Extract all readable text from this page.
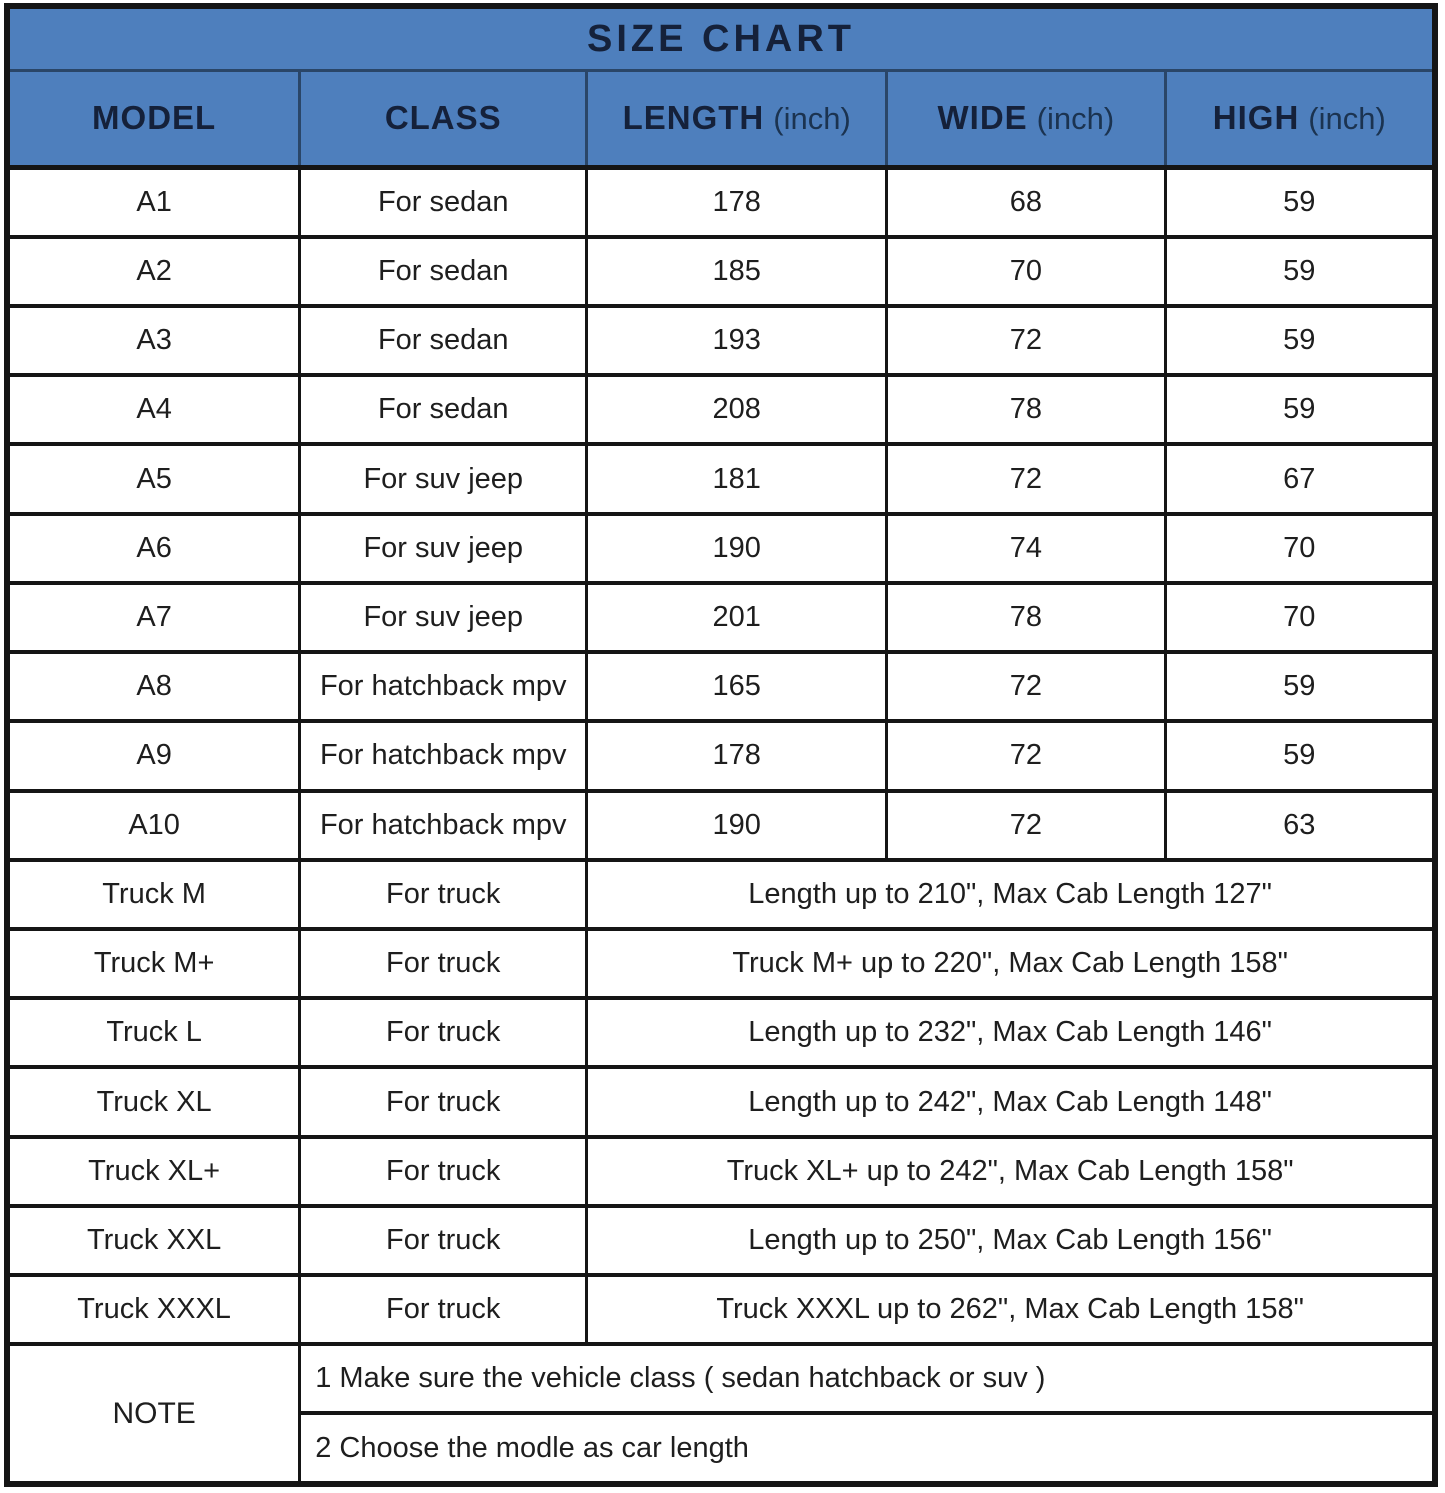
SIZE CHART				
MODEL	CLASS	LENGTH (inch)	WIDE (inch)	HIGH (inch)
A1	For sedan	178	68	59
A2	For sedan	185	70	59
A3	For sedan	193	72	59
A4	For sedan	208	78	59
A5	For suv jeep	181	72	67
A6	For suv jeep	190	74	70
A7	For suv jeep	201	78	70
A8	For hatchback mpv	165	72	59
A9	For hatchback mpv	178	72	59
A10	For hatchback mpv	190	72	63
Truck M	For truck	Length up to 210", Max Cab Length 127"		
Truck M+	For truck	Truck M+ up to 220", Max Cab Length 158"		
Truck L	For truck	Length up to 232", Max Cab Length 146"		
Truck XL	For truck	Length up to 242", Max Cab Length 148"		
Truck XL+	For truck	Truck XL+ up to 242", Max Cab Length 158"		
Truck XXL	For truck	Length up to 250", Max Cab Length 156"		
Truck XXXL	For truck	Truck XXXL up to 262", Max Cab Length 158"		
NOTE	1 Make sure the vehicle class ( sedan hatchback or suv )			
	2 Choose the modle as car length			
